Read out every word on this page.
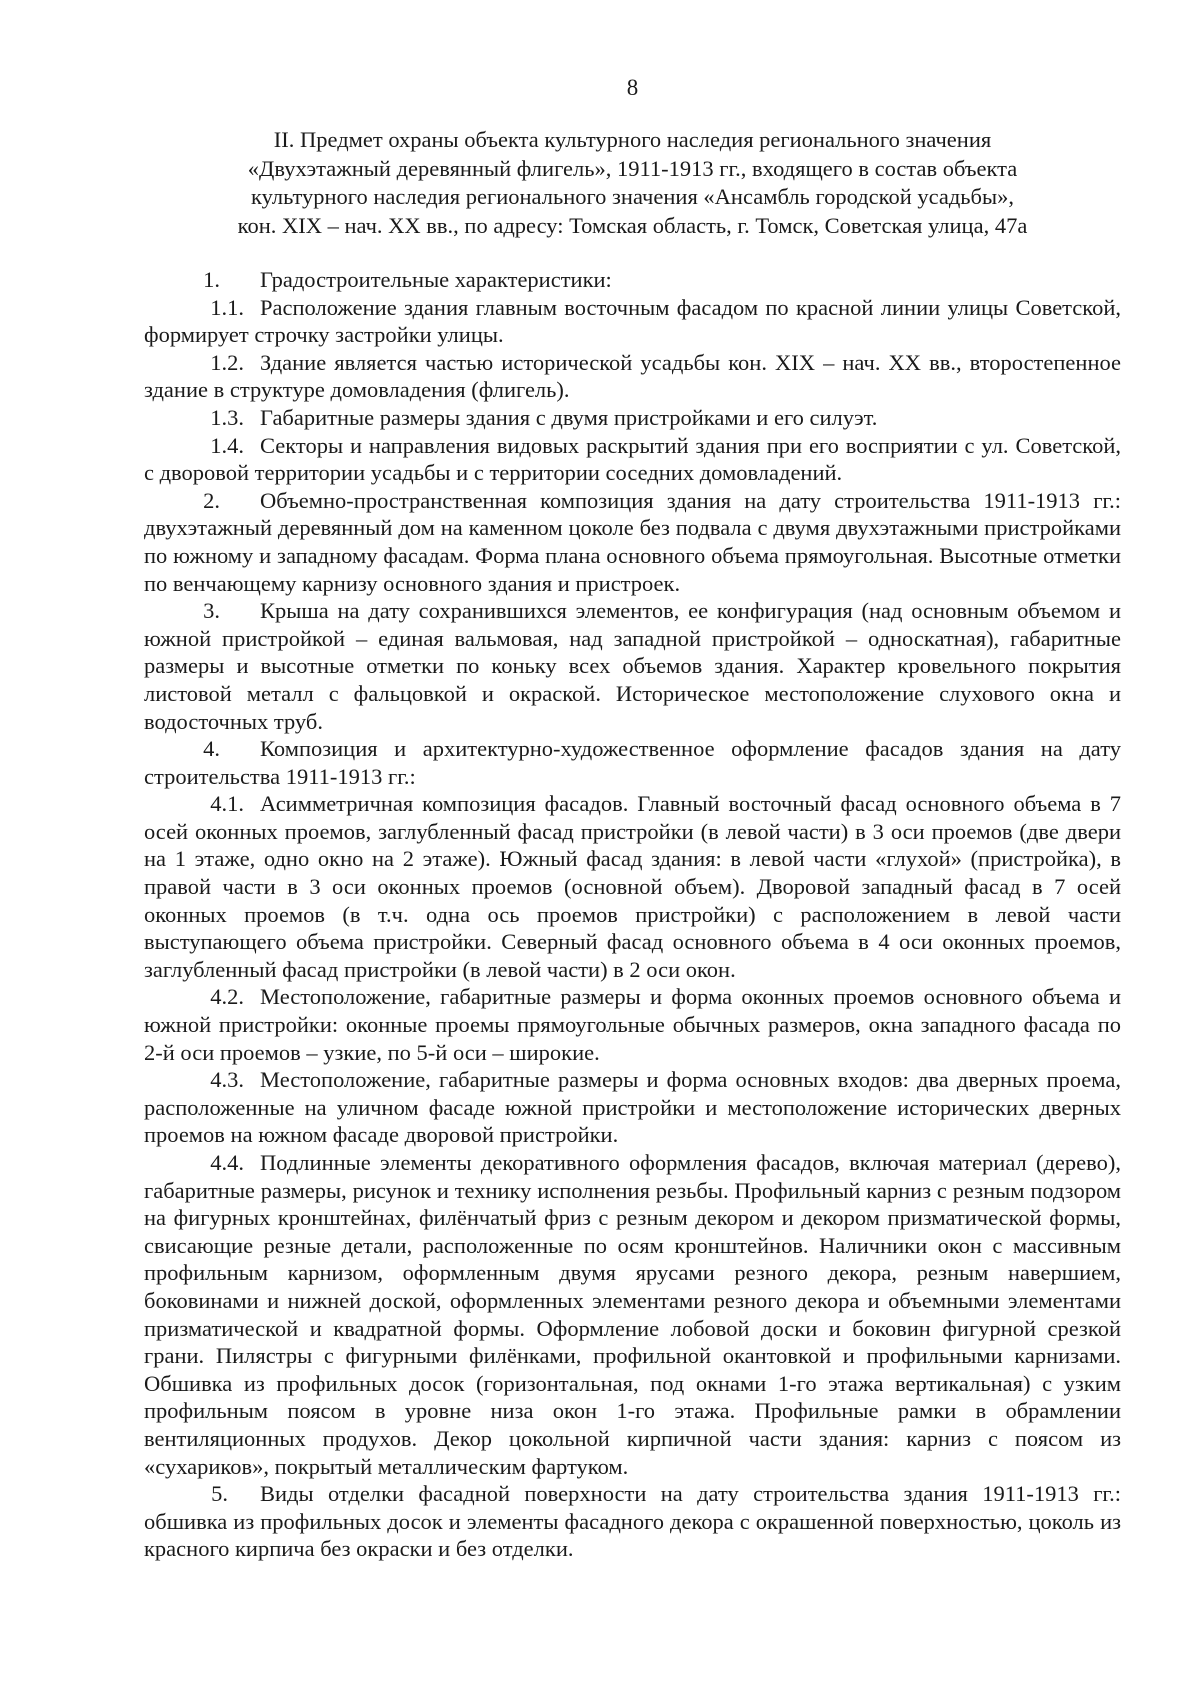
8
II. Предмет охраны объекта культурного наследия регионального значения
«Двухэтажный деревянный флигель», 1911-1913 гг., входящего в состав объекта
культурного наследия регионального значения «Ансамбль городской усадьбы»,
кон. XIX – нач. XX вв., по адресу: Томская область, г. Томск, Советская улица, 47а

1. Градостроительные характеристики:

1.1. Расположение здания главным восточным фасадом по красной линии улицы Советской, формирует строчку застройки улицы.

1.2. Здание является частью исторической усадьбы кон. XIX – нач. XX вв., второстепенное здание в структуре домовладения (флигель).

1.3. Габаритные размеры здания с двумя пристройками и его силуэт.

1.4. Секторы и направления видовых раскрытий здания при его восприятии с ул. Советской, с дворовой территории усадьбы и с территории соседних домовладений.

2. Объемно-пространственная композиция здания на дату строительства 1911-1913 гг.: двухэтажный деревянный дом на каменном цоколе без подвала с двумя двухэтажными пристройками по южному и западному фасадам. Форма плана основного объема прямоугольная. Высотные отметки по венчающему карнизу основного здания и пристроек.

3. Крыша на дату сохранившихся элементов, ее конфигурация (над основным объемом и южной пристройкой – единая вальмовая, над западной пристройкой – односкатная), габаритные размеры и высотные отметки по коньку всех объемов здания. Характер кровельного покрытия листовой металл с фальцовкой и окраской. Историческое местоположение слухового окна и водосточных труб.

4. Композиция и архитектурно-художественное оформление фасадов здания на дату строительства 1911-1913 гг.:

4.1. Асимметричная композиция фасадов. Главный восточный фасад основного объема в 7 осей оконных проемов, заглубленный фасад пристройки (в левой части) в 3 оси проемов (две двери на 1 этаже, одно окно на 2 этаже). Южный фасад здания: в левой части «глухой» (пристройка), в правой части в 3 оси оконных проемов (основной объем). Дворовой западный фасад в 7 осей оконных проемов (в т.ч. одна ось проемов пристройки) с расположением в левой части выступающего объема пристройки. Северный фасад основного объема в 4 оси оконных проемов, заглубленный фасад пристройки (в левой части) в 2 оси окон.

4.2. Местоположение, габаритные размеры и форма оконных проемов основного объема и южной пристройки: оконные проемы прямоугольные обычных размеров, окна западного фасада по 2-й оси проемов – узкие, по 5-й оси – широкие.

4.3. Местоположение, габаритные размеры и форма основных входов: два дверных проема, расположенные на уличном фасаде южной пристройки и местоположение исторических дверных проемов на южном фасаде дворовой пристройки.

4.4. Подлинные элементы декоративного оформления фасадов, включая материал (дерево), габаритные размеры, рисунок и технику исполнения резьбы. Профильный карниз с резным подзором на фигурных кронштейнах, филёнчатый фриз с резным декором и декором призматической формы, свисающие резные детали, расположенные по осям кронштейнов. Наличники окон с массивным профильным карнизом, оформленным двумя ярусами резного декора, резным навершием, боковинами и нижней доской, оформленных элементами резного декора и объемными элементами призматической и квадратной формы. Оформление лобовой доски и боковин фигурной срезкой грани. Пилястры с фигурными филёнками, профильной окантовкой и профильными карнизами. Обшивка из профильных досок (горизонтальная, под окнами 1-го этажа вертикальная) с узким профильным поясом в уровне низа окон 1-го этажа. Профильные рамки в обрамлении вентиляционных продухов. Декор цокольной кирпичной части здания: карниз с поясом из «сухариков», покрытый металлическим фартуком.

5. Виды отделки фасадной поверхности на дату строительства здания 1911-1913 гг.: обшивка из профильных досок и элементы фасадного декора с окрашенной поверхностью, цоколь из красного кирпича без окраски и без отделки.
